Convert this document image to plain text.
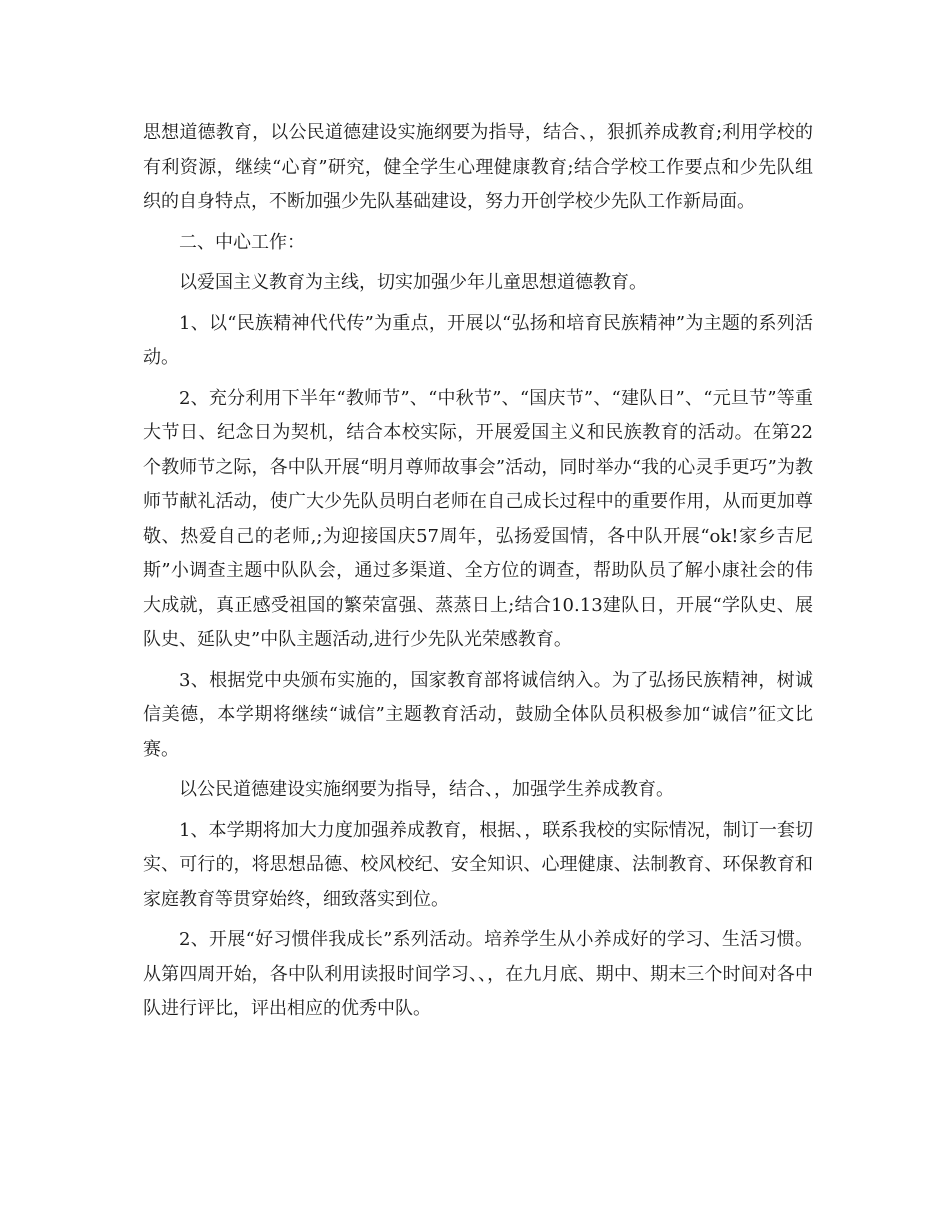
思想道德教育，以公民道德建设实施纲要为指导，结合、，狠抓养成教育;利用学校的有利资源，继续“心育”研究，健全学生心理健康教育;结合学校工作要点和少先队组织的自身特点，不断加强少先队基础建设，努力开创学校少先队工作新局面。

二、中心工作：

以爱国主义教育为主线，切实加强少年儿童思想道德教育。

1、以“民族精神代代传”为重点，开展以“弘扬和培育民族精神”为主题的系列活动。

2、充分利用下半年“教师节”、“中秋节”、“国庆节”、“建队日”、“元旦节”等重大节日、纪念日为契机，结合本校实际，开展爱国主义和民族教育的活动。在第22个教师节之际，各中队开展“明月尊师故事会”活动，同时举办“我的心灵手更巧”为教师节献礼活动，使广大少先队员明白老师在自己成长过程中的重要作用，从而更加尊敬、热爱自己的老师,;为迎接国庆57周年，弘扬爱国情，各中队开展“ok!家乡吉尼斯”小调查主题中队队会，通过多渠道、全方位的调查，帮助队员了解小康社会的伟大成就，真正感受祖国的繁荣富强、蒸蒸日上;结合10.13建队日，开展“学队史、展队史、延队史”中队主题活动,进行少先队光荣感教育。

3、根据党中央颁布实施的，国家教育部将诚信纳入。为了弘扬民族精神，树诚信美德，本学期将继续“诚信”主题教育活动，鼓励全体队员积极参加“诚信”征文比赛。

以公民道德建设实施纲要为指导，结合、，加强学生养成教育。

1、本学期将加大力度加强养成教育，根据、，联系我校的实际情况，制订一套切实、可行的，将思想品德、校风校纪、安全知识、心理健康、法制教育、环保教育和家庭教育等贯穿始终，细致落实到位。

2、开展“好习惯伴我成长”系列活动。培养学生从小养成好的学习、生活习惯。从第四周开始，各中队利用读报时间学习、、，在九月底、期中、期末三个时间对各中队进行评比，评出相应的优秀中队。
